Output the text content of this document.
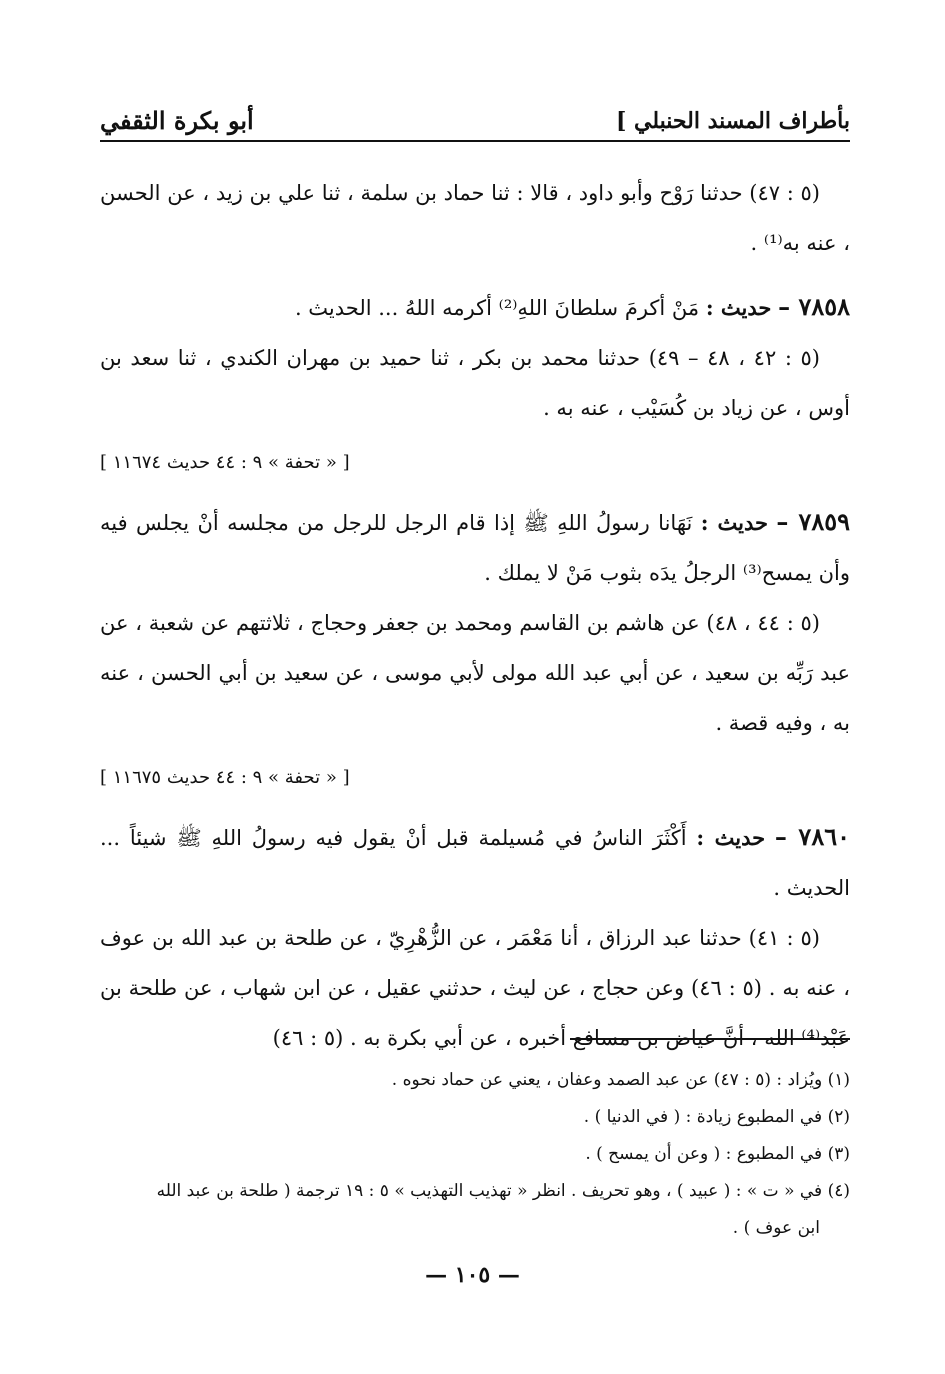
بأطراف المسند الحنبلي ]
أبو بكرة الثقفي

(٥ : ٤٧) حدثنا رَوْح وأبو داود ، قالا : ثنا حماد بن سلمة ، ثنا علي بن زيد ، عن الحسن ، عنه به⁽¹⁾ .

٧٨٥٨ – حديث : مَنْ أكرمَ سلطانَ اللهِ⁽²⁾ أكرمه اللهُ ... الحديث .

(٥ : ٤٢ ، ٤٨ – ٤٩) حدثنا محمد بن بكر ، ثنا حميد بن مهران الكندي ، ثنا سعد بن أوس ، عن زياد بن كُسَيْب ، عنه به .

[ « تحفة » ٩ : ٤٤ حديث ١١٦٧٤ ]

٧٨٥٩ – حديث : نَهَانا رسولُ اللهِ ﷺ إذا قام الرجل للرجل من مجلسه أنْ يجلس فيه وأن يمسح⁽³⁾ الرجلُ يدَه بثوب مَنْ لا يملك .

(٥ : ٤٤ ، ٤٨) عن هاشم بن القاسم ومحمد بن جعفر وحجاج ، ثلاثتهم عن شعبة ، عن عبد رَبِّه بن سعيد ، عن أبي عبد الله مولى لأبي موسى ، عن سعيد بن أبي الحسن ، عنه به ، وفيه قصة .

[ « تحفة » ٩ : ٤٤ حديث ١١٦٧٥ ]

٧٨٦٠ – حديث : أَكْثَرَ الناسُ في مُسيلمة قبل أنْ يقول فيه رسولُ اللهِ ﷺ شيئاً ... الحديث .

(٥ : ٤١) حدثنا عبد الرزاق ، أنا مَعْمَر ، عن الزُّهْرِيّ ، عن طلحة بن عبد الله بن عوف ، عنه به . (٥ : ٤٦) وعن حجاج ، عن ليث ، حدثني عقيل ، عن ابن شهاب ، عن طلحة بن عَبْد⁽⁴⁾ الله ، أنَّ عياض بن مسافع أخبره ، عن أبي بكرة به . (٥ : ٤٦)

(١) ويُزاد : (٥ : ٤٧) عن عبد الصمد وعفان ، يعني عن حماد نحوه .

(٢) في المطبوع زيادة : ( في الدنيا ) .

(٣) في المطبوع : ( وعن أن يمسح ) .

(٤) في « ت » : ( عبيد ) ، وهو تحريف . انظر « تهذيب التهذيب » ٥ : ١٩ ترجمة ( طلحة بن عبد الله

ابن عوف ) .

— ١٠٥ —
